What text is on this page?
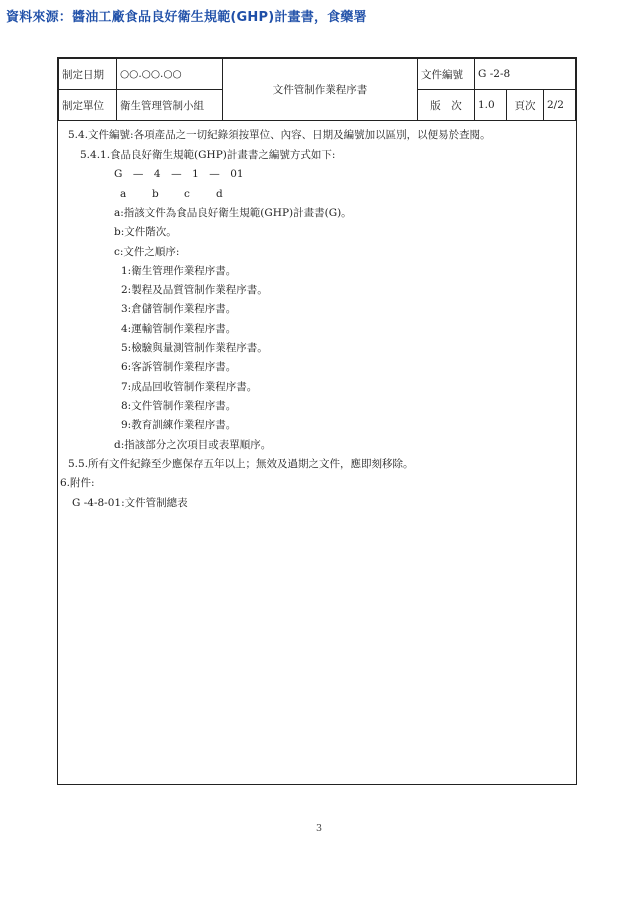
資料來源：醬油工廠食品良好衛生規範(GHP)計畫書，食藥署
制定日期	○○.○○.○○	文件管制作業程序書	文件編號	G -2-8		
制定單位	衛生管理管制小組		版　次	1.0	頁次	2/2
5.4.文件編號:各項產品之一切紀錄須按單位、內容、日期及編號加以區別，以便易於查閱。
5.4.1.食品良好衛生規範(GHP)計畫書之編號方式如下:
G　—　4　—　1　—　01
a b c d
a:指該文件為食品良好衛生規範(GHP)計畫書(G)。
b:文件階次。
c:文件之順序:
1:衛生管理作業程序書。
2:製程及品質管制作業程序書。
3:倉儲管制作業程序書。
4:運輸管制作業程序書。
5:檢驗與量測管制作業程序書。
6:客訴管制作業程序書。
7:成品回收管制作業程序書。
8:文件管制作業程序書。
9:教育訓練作業程序書。
d:指該部分之次項目或表單順序。
5.5.所有文件紀錄至少應保存五年以上；無效及過期之文件，應即刻移除。
6.附件:
G -4-8-01:文件管制總表
3
